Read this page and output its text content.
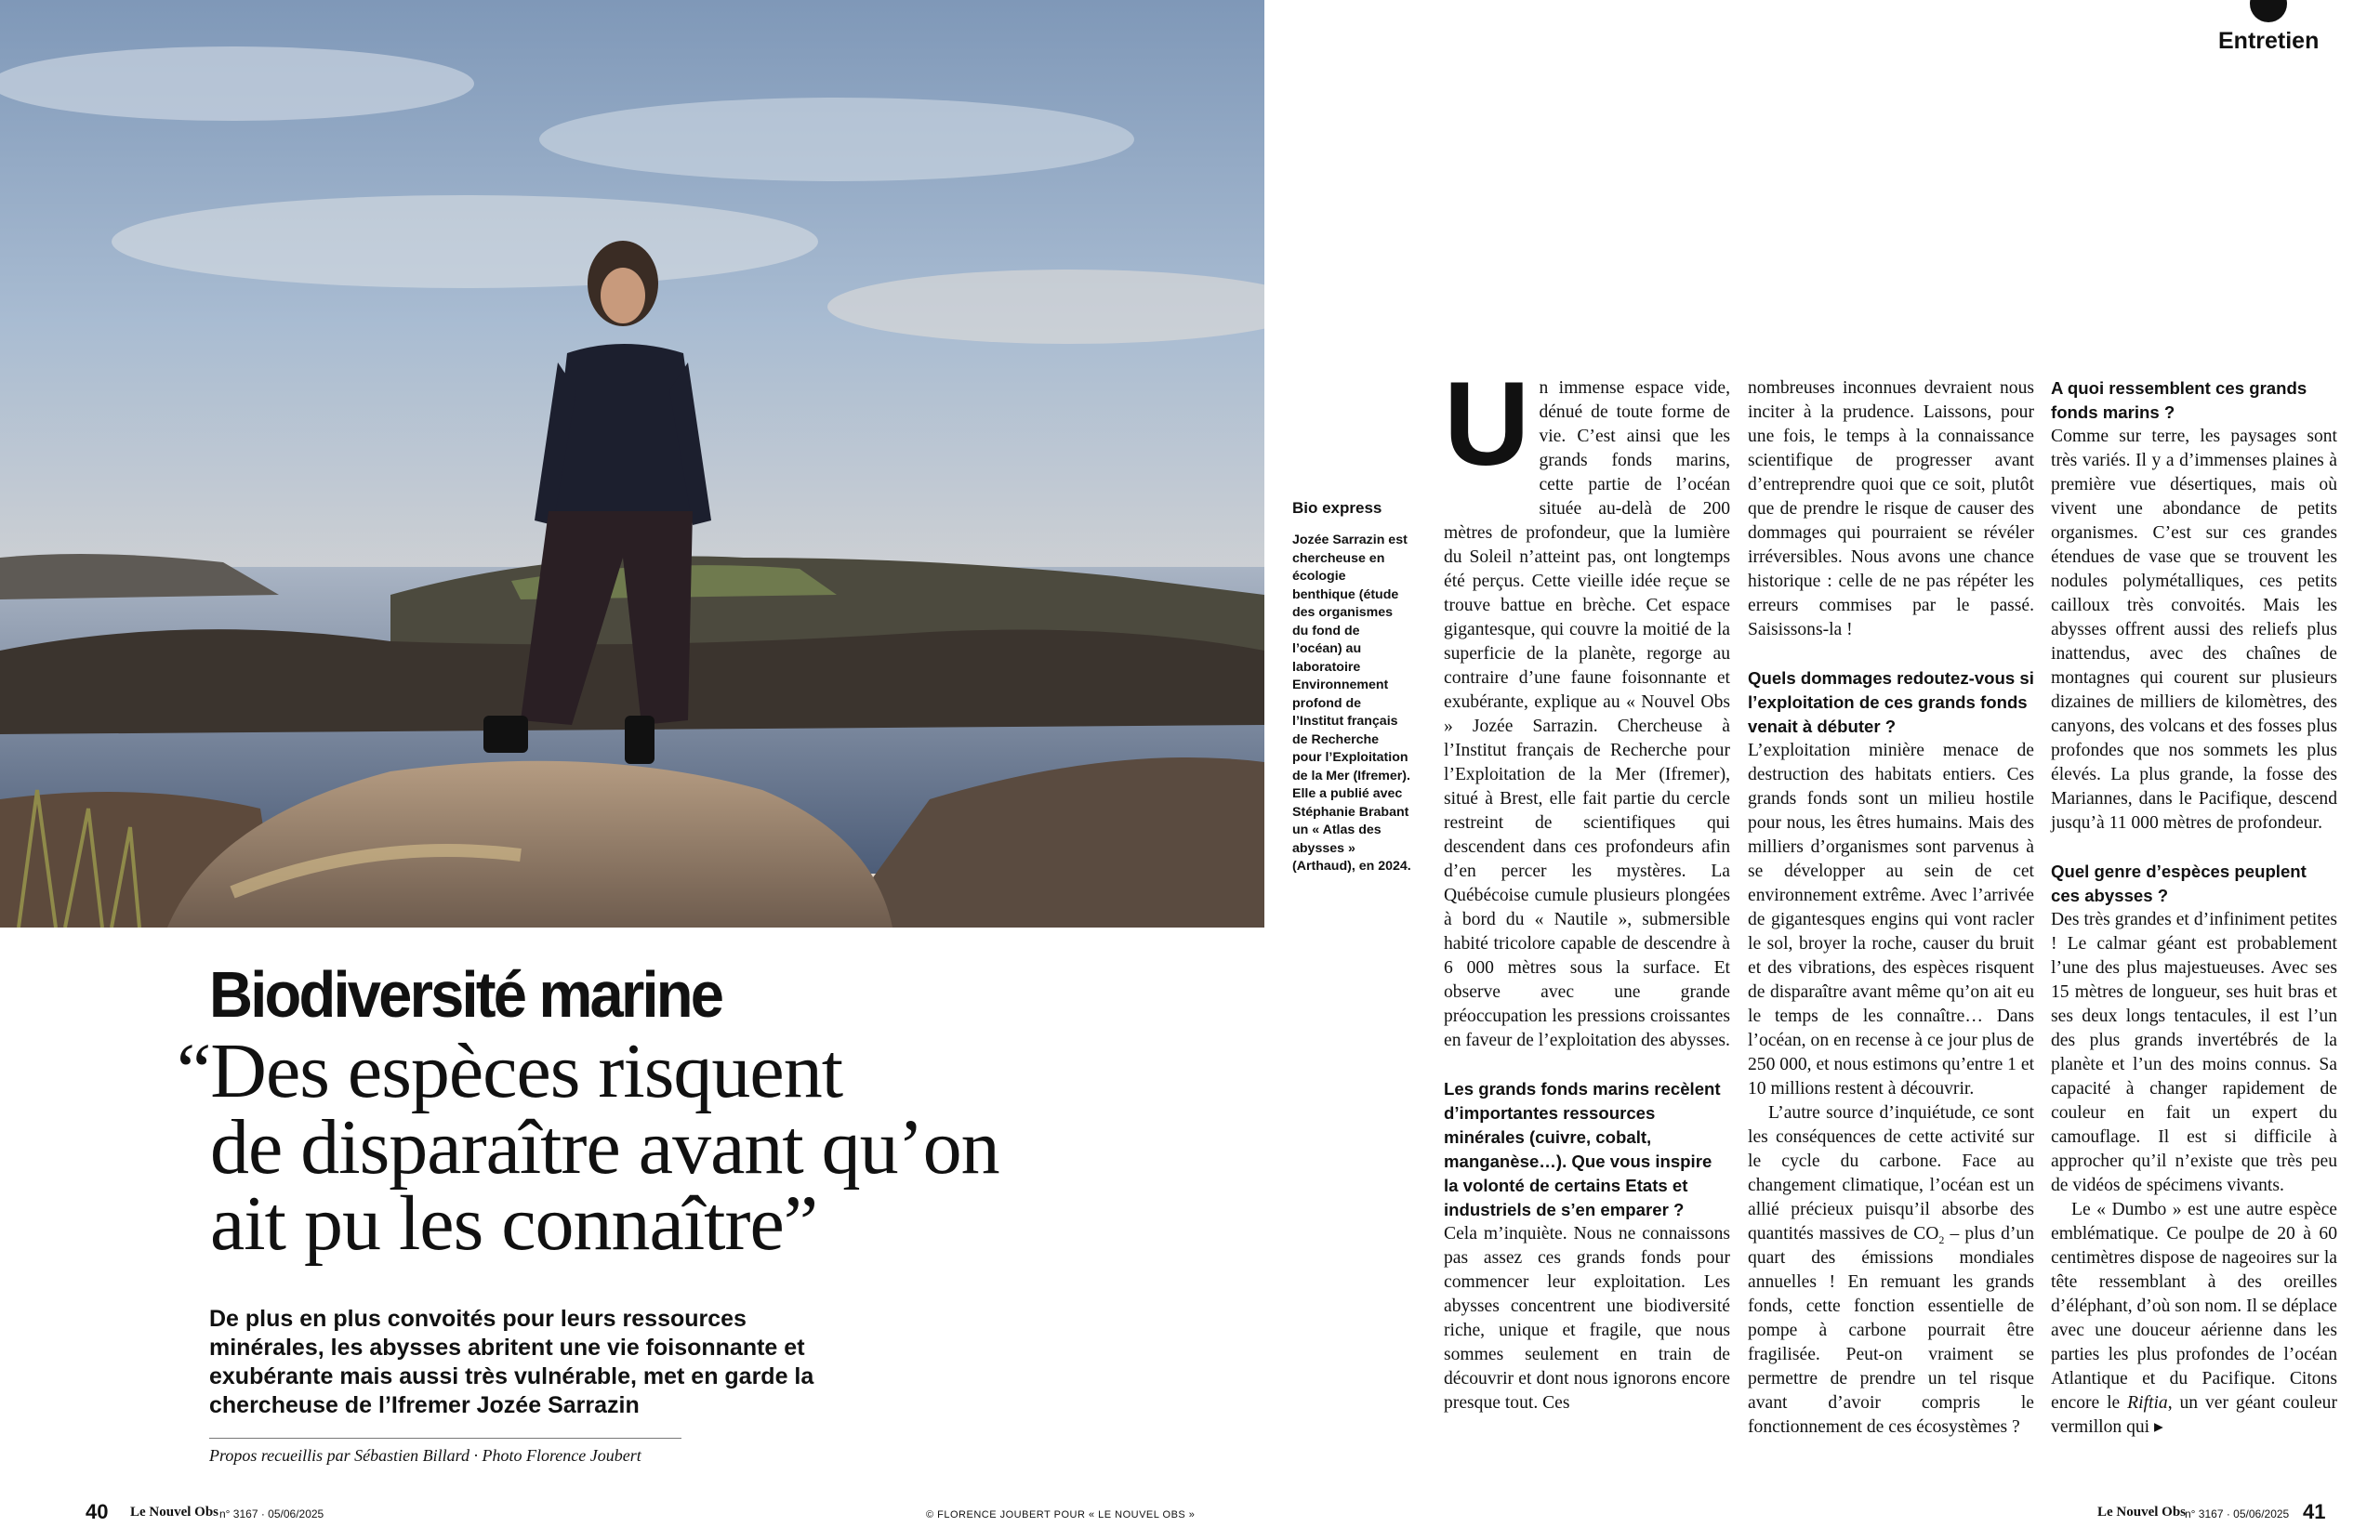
Entretien
Bio express
Jozée Sarrazin est chercheuse en écologie benthique (étude des organismes du fond de l’océan) au laboratoire Environnement profond de l’Institut français de Recherche pour l’Exploitation de la Mer (Ifremer). Elle a publié avec Stéphanie Brabant un « Atlas des abysses » (Arthaud), en 2024.
Biodiversité marine
“Des espèces risquent
de disparaître avant qu’on
ait pu les connaître”
De plus en plus convoités pour leurs ressources minérales, les abysses abritent une vie foisonnante et exubérante mais aussi très vulnérable, met en garde la chercheuse de l’Ifremer Jozée Sarrazin
Propos recueillis par Sébastien Billard · Photo Florence Joubert

Un immense espace vide, dénué de toute forme de vie. C’est ainsi que les grands fonds marins, cette partie de l’océan située au-delà de 200 mètres de profondeur, que la lumière du Soleil n’atteint pas, ont longtemps été perçus. Cette vieille idée reçue se trouve battue en brèche. Cet espace gigantesque, qui couvre la moitié de la superficie de la planète, regorge au contraire d’une faune foisonnante et exubérante, explique au « Nouvel Obs » Jozée Sarrazin. Chercheuse à l’Institut français de Recherche pour l’Exploitation de la Mer (Ifremer), situé à Brest, elle fait partie du cercle restreint de scientifiques qui descendent dans ces profondeurs afin d’en percer les mystères. La Québécoise cumule plusieurs plongées à bord du « Nautile », submersible habité tricolore capable de descendre à 6 000 mètres sous la surface. Et observe avec une grande préoccupation les pressions croissantes en faveur de l’exploitation des abysses.

Les grands fonds marins recèlent d’importantes ressources minérales (cuivre, cobalt, manganèse…). Que vous inspire la volonté de certains Etats et industriels de s’en emparer ?

Cela m’inquiète. Nous ne connaissons pas assez ces grands fonds pour commencer leur exploitation. Les abysses concentrent une biodiversité riche, unique et fragile, que nous sommes seulement en train de découvrir et dont nous ignorons encore presque tout. Ces

nombreuses inconnues devraient nous inciter à la prudence. Laissons, pour une fois, le temps à la connaissance scientifique de progresser avant d’entreprendre quoi que ce soit, plutôt que de prendre le risque de causer des dommages qui pourraient se révéler irréversibles. Nous avons une chance historique : celle de ne pas répéter les erreurs commises par le passé. Saisissons-la !

Quels dommages redoutez-vous si l’exploitation de ces grands fonds venait à débuter ?

L’exploitation minière menace de destruction des habitats entiers. Ces grands fonds sont un milieu hostile pour nous, les êtres humains. Mais des milliers d’organismes sont parvenus à se développer au sein de cet environnement extrême. Avec l’arrivée de gigantesques engins qui vont racler le sol, broyer la roche, causer du bruit et des vibrations, des espèces risquent de disparaître avant même qu’on ait eu le temps de les connaître… Dans l’océan, on en recense à ce jour plus de 250 000, et nous estimons qu’entre 1 et 10 millions restent à découvrir.

L’autre source d’inquiétude, ce sont les conséquences de cette activité sur le cycle du carbone. Face au changement climatique, l’océan est un allié précieux puisqu’il absorbe des quantités massives de $CO_2$ – plus d’un quart des émissions mondiales annuelles ! En remuant les grands fonds, cette fonction essentielle de pompe à carbone pourrait être fragilisée. Peut-on vraiment se permettre de prendre un tel risque avant d’avoir compris le fonctionnement de ces écosystèmes ?

A quoi ressemblent ces grands fonds marins ?

Comme sur terre, les paysages sont très variés. Il y a d’immenses plaines à première vue désertiques, mais où vivent une abondance de petits organismes. C’est sur ces grandes étendues de vase que se trouvent les nodules polymétalliques, ces petits cailloux très convoités. Mais les abysses offrent aussi des reliefs plus inattendus, avec des chaînes de montagnes qui courent sur plusieurs dizaines de milliers de kilomètres, des canyons, des volcans et des fosses plus profondes que nos sommets les plus élevés. La plus grande, la fosse des Mariannes, dans le Pacifique, descend jusqu’à 11 000 mètres de profondeur.

Quel genre d’espèces peuplent ces abysses ?

Des très grandes et d’infiniment petites ! Le calmar géant est probablement l’une des plus majestueuses. Avec ses 15 mètres de longueur, ses huit bras et ses deux longs tentacules, il est l’un des plus grands invertébrés de la planète et l’un des moins connus. Sa capacité à changer rapidement de couleur en fait un expert du camouflage. Il est si difficile à approcher qu’il n’existe que très peu de vidéos de spécimens vivants.

Le « Dumbo » est une autre espèce emblématique. Ce poulpe de 20 à 60 centimètres dispose de nageoires sur la tête ressemblant à des oreilles d’éléphant, d’où son nom. Il se déplace avec une douceur aérienne dans les parties les plus profondes de l’océan Atlantique et du Pacifique. Citons encore le Riftia, un ver géant couleur vermillon qui ▸

40 Le Nouvel Obs n° 3167 · 05/06/2025	© FLORENCE JOUBERT POUR « LE NOUVEL OBS »	Le Nouvel Obs
n° 3167 · 05/06/2025 41
